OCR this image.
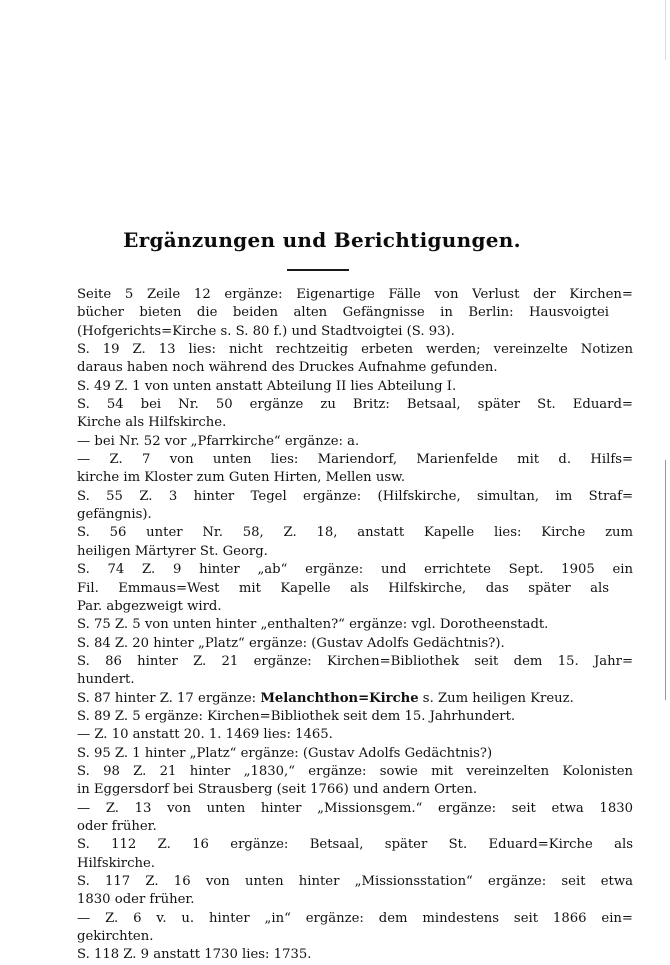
Ergänzungen und Berichtigungen.
Seite 5 Zeile 12 ergänze: Eigenartige Fälle von Verlust der Kirchen=
bücher bieten die beiden alten Gefängnisse in Berlin: Hausvoigtei
(Hofgerichts=Kirche s. S. 80 f.) und Stadtvoigtei (S. 93).
S. 19 Z. 13 lies: nicht rechtzeitig erbeten werden; vereinzelte Notizen
daraus haben noch während des Druckes Aufnahme gefunden.
S. 49 Z. 1 von unten anstatt Abteilung II lies Abteilung I.
S. 54 bei Nr. 50 ergänze zu Britz: Betsaal, später St. Eduard=
Kirche als Hilfskirche.
— bei Nr. 52 vor „Pfarrkirche“ ergänze: a.
— Z. 7 von unten lies: Mariendorf, Marienfelde mit d. Hilfs=
kirche im Kloster zum Guten Hirten, Mellen usw.
S. 55 Z. 3 hinter Tegel ergänze: (Hilfskirche, simultan, im Straf=
gefängnis).
S. 56 unter Nr. 58, Z. 18, anstatt Kapelle lies: Kirche zum
heiligen Märtyrer St. Georg.
S. 74 Z. 9 hinter „ab“ ergänze: und errichtete Sept. 1905 ein
Fil. Emmaus=West mit Kapelle als Hilfskirche, das später als
Par. abgezweigt wird.
S. 75 Z. 5 von unten hinter „enthalten?“ ergänze: vgl. Dorotheenstadt.
S. 84 Z. 20 hinter „Platz“ ergänze: (Gustav Adolfs Gedächtnis?).
S. 86 hinter Z. 21 ergänze: Kirchen=Bibliothek seit dem 15. Jahr=
hundert.
S. 87 hinter Z. 17 ergänze: Melanchthon=Kirche s. Zum heiligen Kreuz.
S. 89 Z. 5 ergänze: Kirchen=Bibliothek seit dem 15. Jahrhundert.
— Z. 10 anstatt 20. 1. 1469 lies: 1465.
S. 95 Z. 1 hinter „Platz“ ergänze: (Gustav Adolfs Gedächtnis?)
S. 98 Z. 21 hinter „1830,“ ergänze: sowie mit vereinzelten Kolonisten
in Eggersdorf bei Strausberg (seit 1766) und andern Orten.
— Z. 13 von unten hinter „Missionsgem.“ ergänze: seit etwa 1830
oder früher.
S. 112 Z. 16 ergänze: Betsaal, später St. Eduard=Kirche als
Hilfskirche.
S. 117 Z. 16 von unten hinter „Missionsstation“ ergänze: seit etwa
1830 oder früher.
— Z. 6 v. u. hinter „in“ ergänze: dem mindestens seit 1866 ein=
gekirchten.
S. 118 Z. 9 anstatt 1730 lies: 1735.
